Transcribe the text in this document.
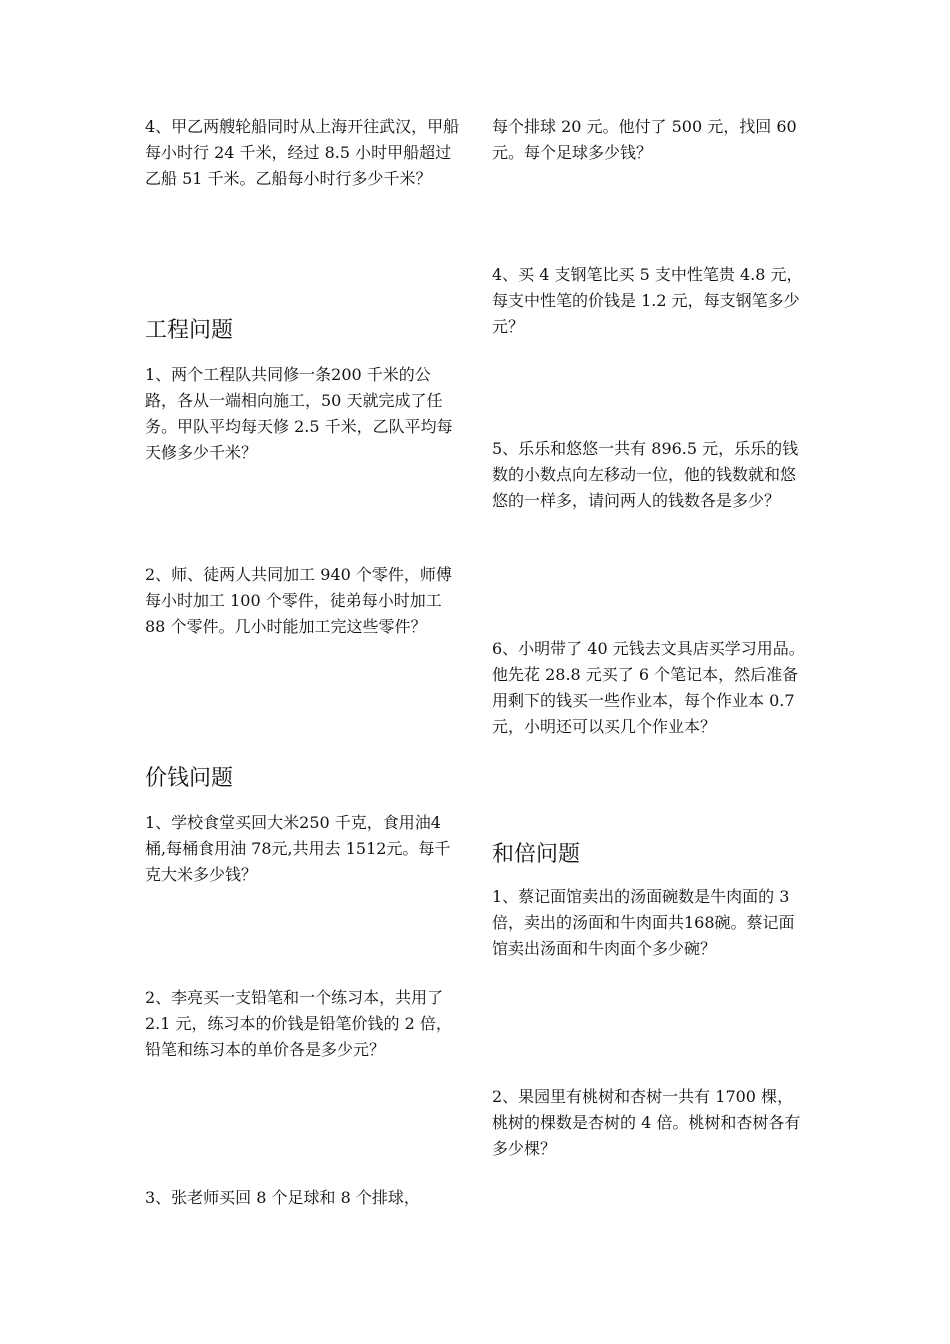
4、甲乙两艘轮船同时从上海开往武汉，甲船每小时行 24 千米，经过 8.5 小时甲船超过乙船 51 千米。乙船每小时行多少千米？

工程问题

1、两个工程队共同修一条200 千米的公路，各从一端相向施工，50 天就完成了任务。甲队平均每天修 2.5 千米，乙队平均每天修多少千米？

2、师、徒两人共同加工 940 个零件，师傅每小时加工 100 个零件，徒弟每小时加工 88 个零件。几小时能加工完这些零件？

价钱问题

1、学校食堂买回大米250 千克，食用油4桶,每桶食用油 78元,共用去 1512元。每千克大米多少钱？

2、李亮买一支铅笔和一个练习本，共用了 2.1 元，练习本的价钱是铅笔价钱的 2 倍，铅笔和练习本的单价各是多少元？

3、张老师买回 8 个足球和 8 个排球，

每个排球 20 元。他付了 500 元，找回 60 元。每个足球多少钱？

4、买 4 支钢笔比买 5 支中性笔贵 4.8 元，每支中性笔的价钱是 1.2 元，每支钢笔多少元？

5、乐乐和悠悠一共有 896.5 元，乐乐的钱数的小数点向左移动一位，他的钱数就和悠悠的一样多，请问两人的钱数各是多少？

6、小明带了 40 元钱去文具店买学习用品。他先花 28.8 元买了 6 个笔记本，然后准备用剩下的钱买一些作业本，每个作业本 0.7 元，小明还可以买几个作业本？

和倍问题

1、蔡记面馆卖出的汤面碗数是牛肉面的 3 倍，卖出的汤面和牛肉面共168碗。蔡记面馆卖出汤面和牛肉面个多少碗？

2、果园里有桃树和杏树一共有 1700 棵，桃树的棵数是杏树的 4 倍。桃树和杏树各有多少棵？
